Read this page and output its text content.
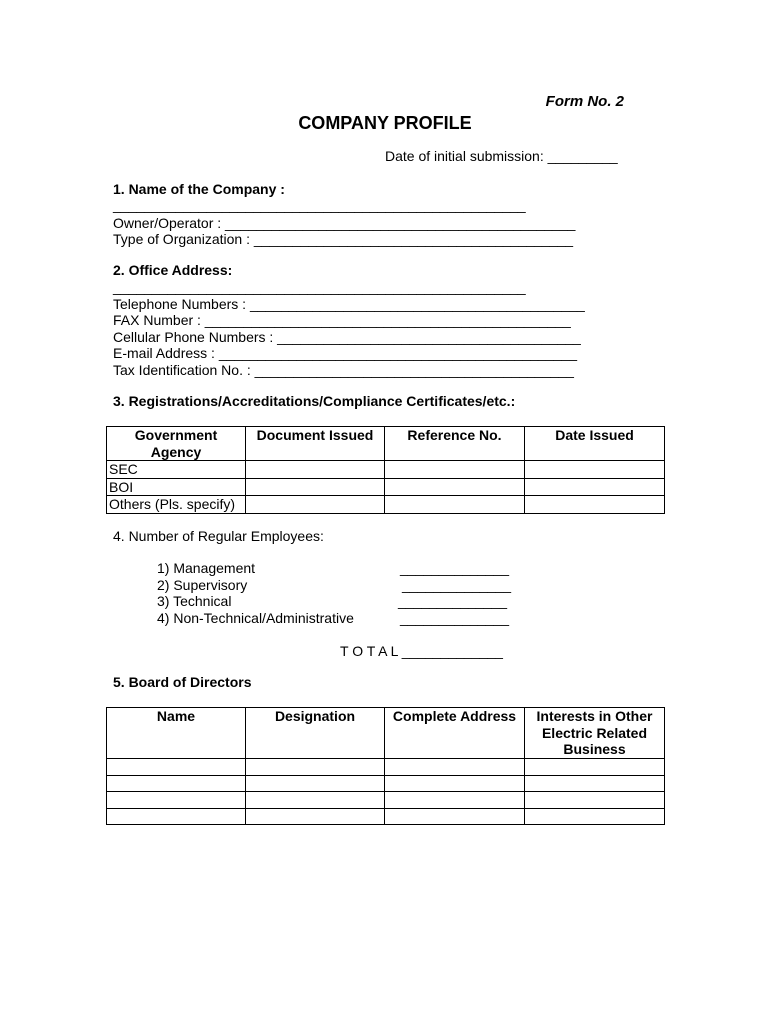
Form No. 2
COMPANY PROFILE
Date of initial submission: _________
1. Name of the Company :
_____________________________________________________
Owner/Operator : _____________________________________________
Type of Organization : _________________________________________
2. Office Address:
_____________________________________________________
Telephone Numbers : ___________________________________________
FAX Number : _______________________________________________
Cellular Phone Numbers : _______________________________________
E-mail Address : ______________________________________________
Tax Identification No. : _________________________________________
3. Registrations/Accreditations/Compliance Certificates/etc.:
Government Agency	Document Issued	Reference No.	Date Issued
SEC			
BOI			
Others (Pls. specify)			
4. Number of Regular Employees:
1) Management
2) Supervisory
3) Technical
4) Non-Technical/Administrative
______________
______________
______________
______________
T O T A L _____________
5. Board of Directors
Name	Designation	Complete Address	Interests in Other Electric Related Business
